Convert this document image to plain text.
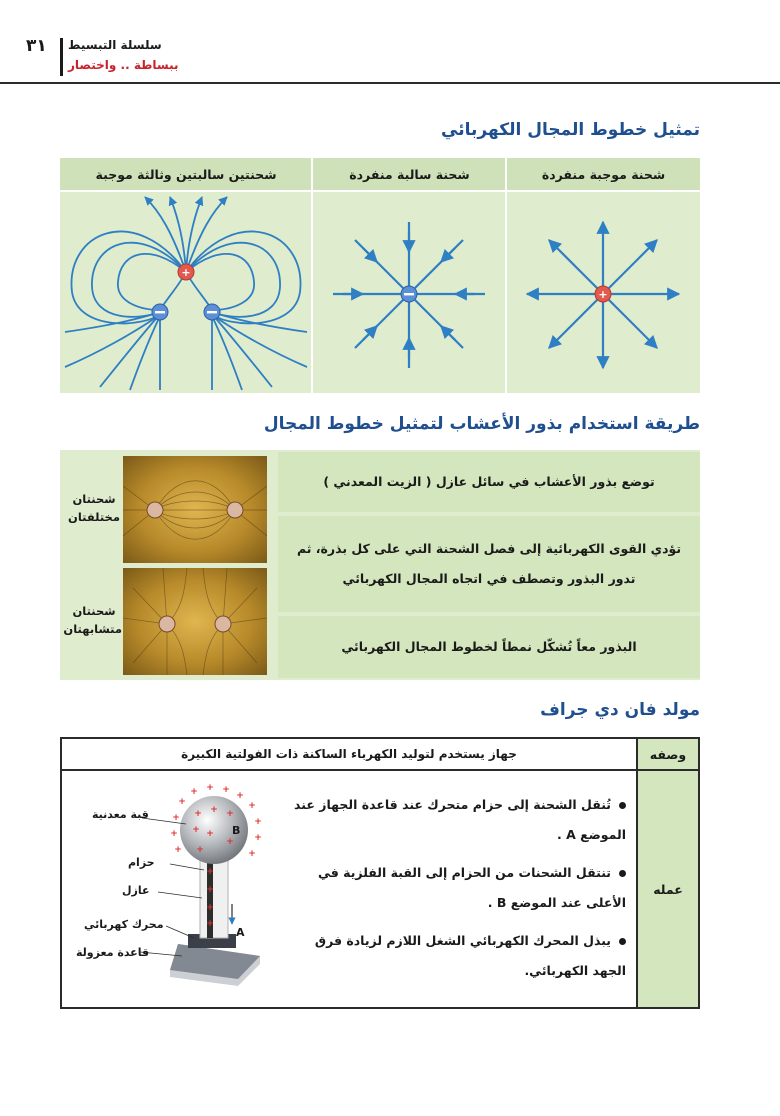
٣١ سلسلة التبسيط
ببساطة .. واختصار
تمثيل خطوط المجال الكهربائي
شحنة موجبة منفردة
شحنة سالبة منفردة
شحنتين سالبتين وثالثة موجبة
+
+
طريقة استخدام بذور الأعشاب لتمثيل خطوط المجال
توضع بذور الأعشاب في سائل عازل ( الزيت المعدني )
تؤدي القوى الكهربائية إلى فصل الشحنة التي على كل بذرة، ثم تدور البذور وتصطف في اتجاه المجال الكهربائي
البذور معاً تُشكّل نمطاً لخطوط المجال الكهربائي
شحنتان مختلفتان
شحنتان متشابهتان
مولد فان دي جراف
وصفه
جهاز يستخدم لتوليد الكهرباء الساكنة ذات الفولتية الكبيرة
عمله
تُنقل الشحنة إلى حزام متحرك عند قاعدة الجهاز عند الموضع A .
تنتقل الشحنات من الحزام إلى القبة الفلزية في الأعلى عند الموضع B .
يبذل المحرك الكهربائي الشغل اللازم لزيادة فرق الجهد الكهربائي.
+
+ + +
+
+
+
+
+
+
+
+
+ + +
+ +
+
+
+
+
+
+
قبة معدنية
حزام
عازل
محرك كهربائي
قاعدة معزولة
A
B
